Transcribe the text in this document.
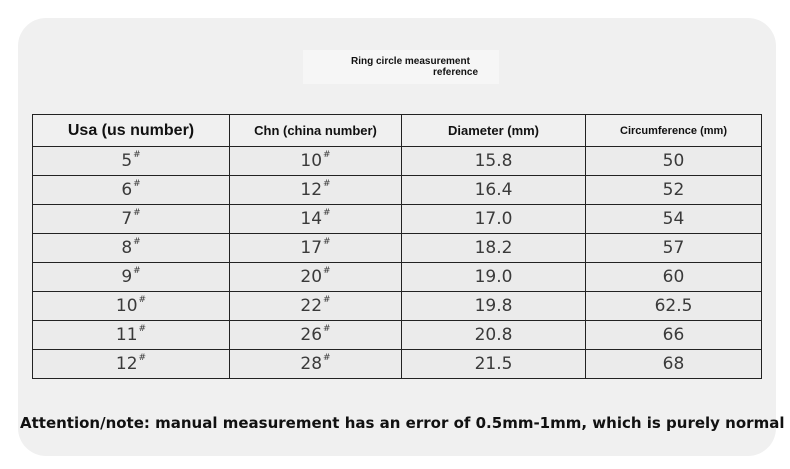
Ring circle measurement
reference
Usa (us number)	Chn (china number)	Diameter (mm)	Circumference (mm)
5#	10#	15.8	50
6#	12#	16.4	52
7#	14#	17.0	54
8#	17#	18.2	57
9#	20#	19.0	60
10#	22#	19.8	62.5
11#	26#	20.8	66
12#	28#	21.5	68
Attention/note: manual measurement has an error of 0.5mm-1mm, which is purely normal
